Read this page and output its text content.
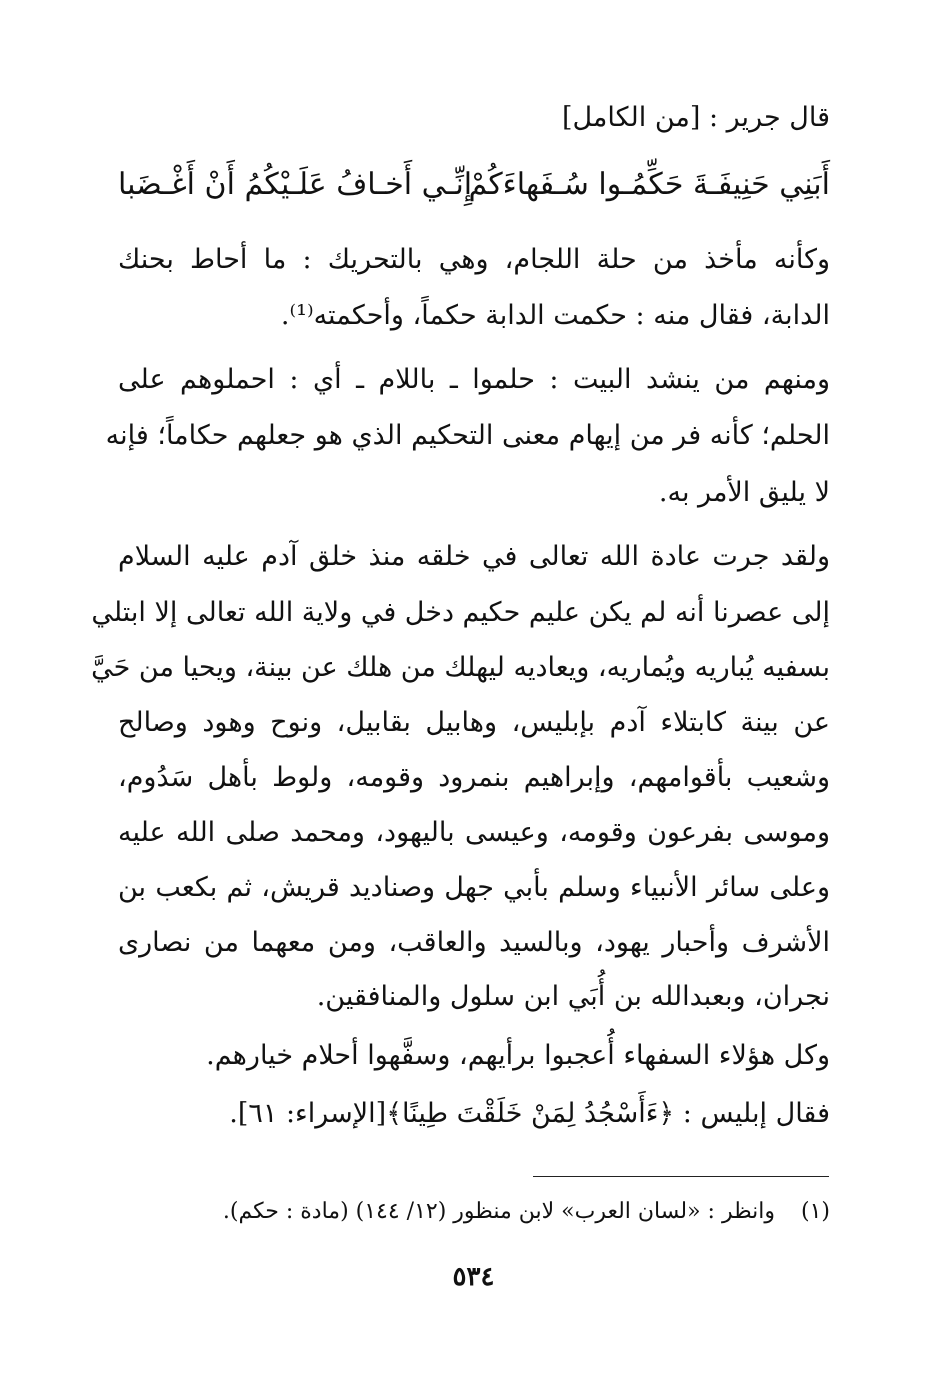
قال جرير : [من الكامل]
أَبَنِي حَنِيفَـةَ حَكِّمُـوا سُـفَهاءَكُمْ
إِنِّـي أَخـافُ عَلَـيْكُمُ أَنْ أَغْـضَبا
وكأنه مأخذ من حلة اللجام، وهي بالتحريك : ما أحاط بحنك
الدابة، فقال منه : حكمت الدابة حكماً، وأحكمته⁽¹⁾.
ومنهم من ينشد البيت : حلموا ـ باللام ـ أي : احملوهم على
الحلم؛ كأنه فر من إيهام معنى التحكيم الذي هو جعلهم حكاماً؛ فإنه
لا يليق الأمر به.
ولقد جرت عادة الله تعالى في خلقه منذ خلق آدم عليه السلام
إلى عصرنا أنه لم يكن عليم حكيم دخل في ولاية الله تعالى إلا ابتلي
بسفيه يُباريه ويُماريه، ويعاديه ليهلك من هلك عن بينة، ويحيا من حَيَّ
عن بينة كابتلاء آدم بإبليس، وهابيل بقابيل، ونوح وهود وصالح
وشعيب بأقوامهم، وإبراهيم بنمرود وقومه، ولوط بأهل سَدُوم،
وموسى بفرعون وقومه، وعيسى باليهود، ومحمد صلى الله عليه
وعلى سائر الأنبياء وسلم بأبي جهل وصناديد قريش، ثم بكعب بن
الأشرف وأحبار يهود، وبالسيد والعاقب، ومن معهما من نصارى
نجران، وبعبدالله بن أُبَي ابن سلول والمنافقين.
وكل هؤلاء السفهاء أُعجبوا برأيهم، وسفَّهوا أحلام خيارهم.
فقال إبليس : ﴿ءَأَسْجُدُ لِمَنْ خَلَقْتَ طِينًا﴾[الإسراء: ٦١].
(١) وانظر : «لسان العرب» لابن منظور (١٢/ ١٤٤) (مادة : حكم).
٥٣٤
